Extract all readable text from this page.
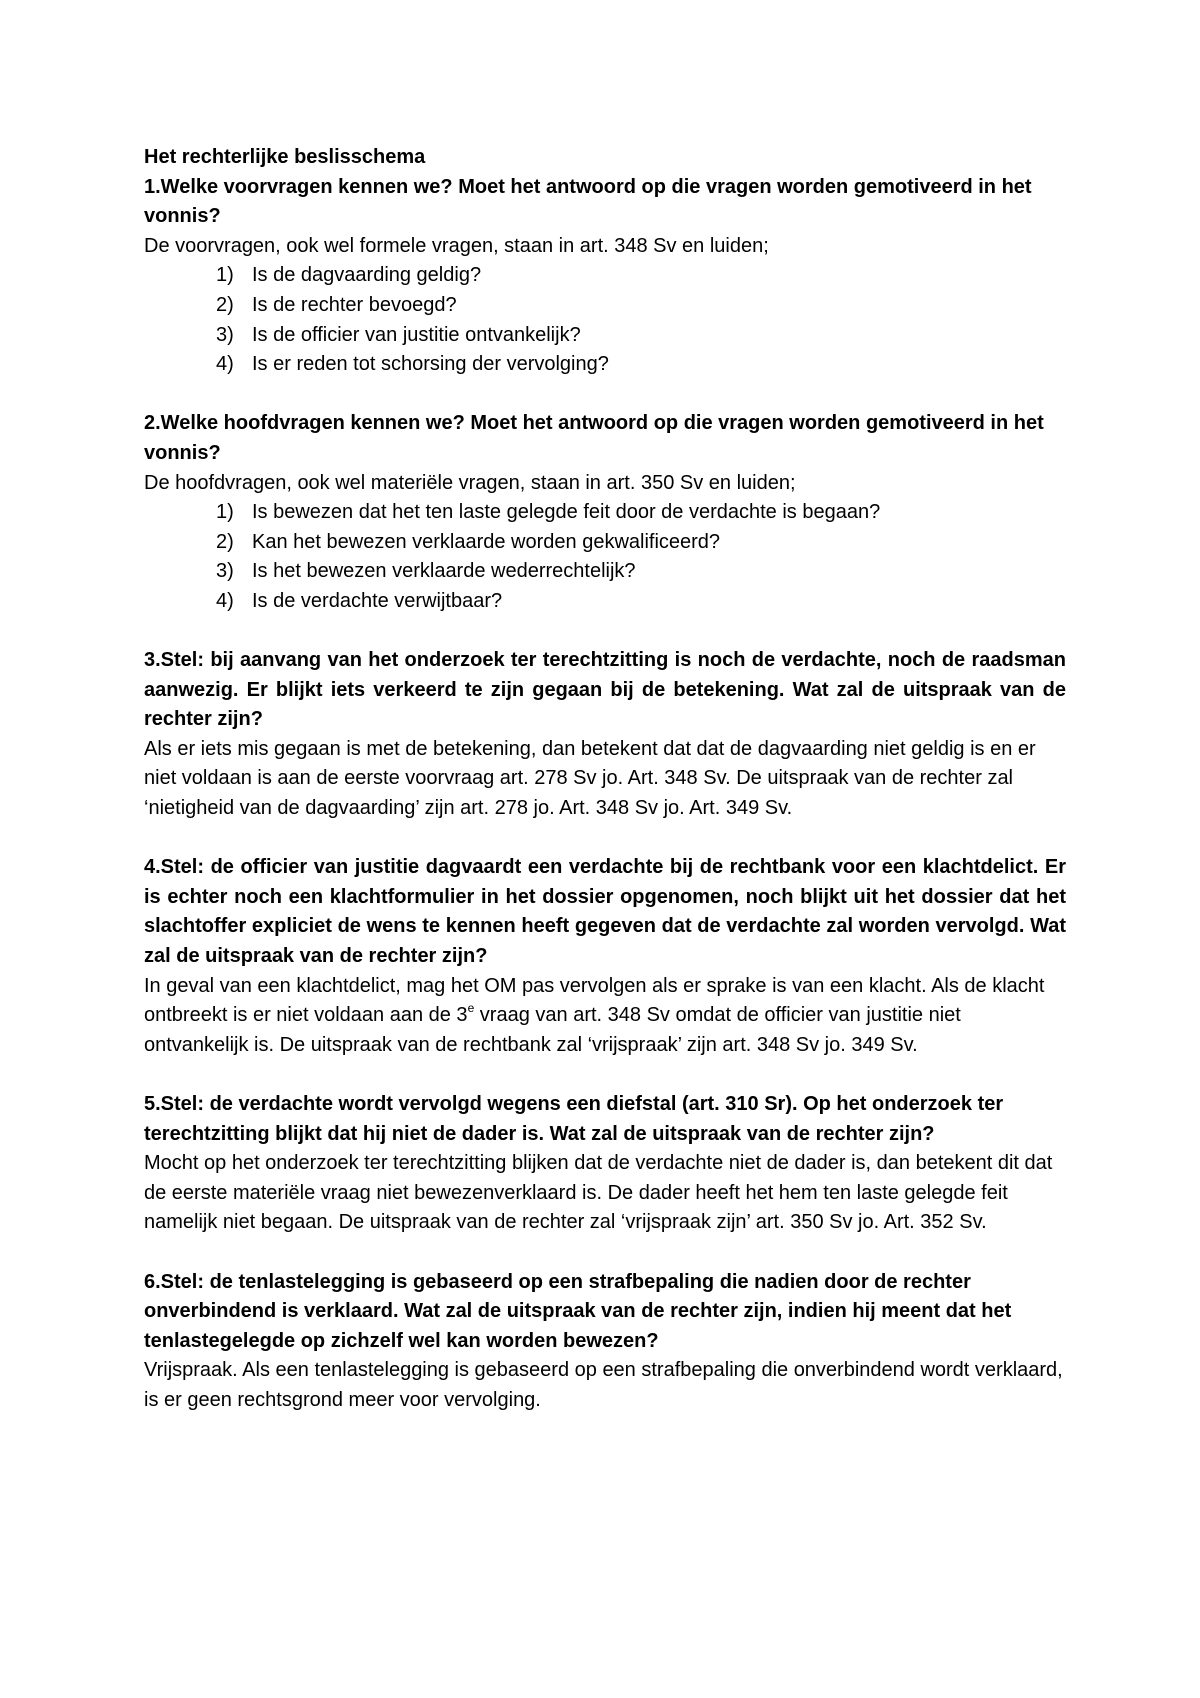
Het rechterlijke beslisschema

1.Welke voorvragen kennen we? Moet het antwoord op die vragen worden gemotiveerd in het vonnis?

De voorvragen, ook wel formele vragen, staan in art. 348 Sv en luiden;

1) Is de dagvaarding geldig?
2) Is de rechter bevoegd?
3) Is de officier van justitie ontvankelijk?
4) Is er reden tot schorsing der vervolging?

2.Welke hoofdvragen kennen we? Moet het antwoord op die vragen worden gemotiveerd in het vonnis?

De hoofdvragen, ook wel materiële vragen, staan in art. 350 Sv en luiden;

1) Is bewezen dat het ten laste gelegde feit door de verdachte is begaan?
2) Kan het bewezen verklaarde worden gekwalificeerd?
3) Is het bewezen verklaarde wederrechtelijk?
4) Is de verdachte verwijtbaar?

3.Stel: bij aanvang van het onderzoek ter terechtzitting is noch de verdachte, noch de raadsman aanwezig. Er blijkt iets verkeerd te zijn gegaan bij de betekening. Wat zal de uitspraak van de rechter zijn?

Als er iets mis gegaan is met de betekening, dan betekent dat dat de dagvaarding niet geldig is en er niet voldaan is aan de eerste voorvraag art. 278 Sv jo. Art. 348 Sv. De uitspraak van de rechter zal ‘nietigheid van de dagvaarding’ zijn art. 278 jo. Art. 348 Sv jo. Art. 349 Sv.

4.Stel: de officier van justitie dagvaardt een verdachte bij de rechtbank voor een klachtdelict. Er is echter noch een klachtformulier in het dossier opgenomen, noch blijkt uit het dossier dat het slachtoffer expliciet de wens te kennen heeft gegeven dat de verdachte zal worden vervolgd. Wat zal de uitspraak van de rechter zijn?

In geval van een klachtdelict, mag het OM pas vervolgen als er sprake is van een klacht. Als de klacht ontbreekt is er niet voldaan aan de 3e vraag van art. 348 Sv omdat de officier van justitie niet ontvankelijk is. De uitspraak van de rechtbank zal ‘vrijspraak’ zijn art. 348 Sv jo. 349 Sv.

5.Stel: de verdachte wordt vervolgd wegens een diefstal (art. 310 Sr). Op het onderzoek ter terechtzitting blijkt dat hij niet de dader is. Wat zal de uitspraak van de rechter zijn?

Mocht op het onderzoek ter terechtzitting blijken dat de verdachte niet de dader is, dan betekent dit dat de eerste materiële vraag niet bewezenverklaard is. De dader heeft het hem ten laste gelegde feit namelijk niet begaan. De uitspraak van de rechter zal ‘vrijspraak zijn’ art. 350 Sv jo. Art. 352 Sv.

6.Stel: de tenlastelegging is gebaseerd op een strafbepaling die nadien door de rechter onverbindend is verklaard. Wat zal de uitspraak van de rechter zijn, indien hij meent dat het tenlastegelegde op zichzelf wel kan worden bewezen?

Vrijspraak. Als een tenlastelegging is gebaseerd op een strafbepaling die onverbindend wordt verklaard, is er geen rechtsgrond meer voor vervolging.
